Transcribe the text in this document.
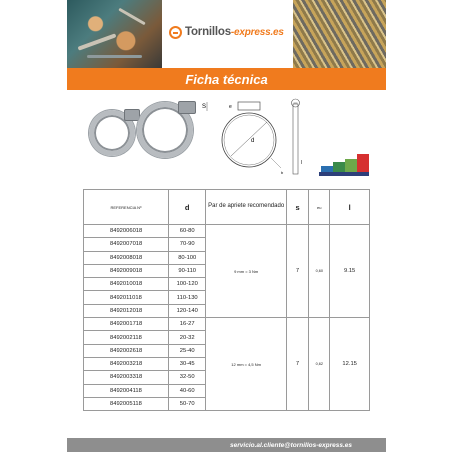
Tornillos-express.es
Ficha técnica
S	e
d
b
l
REFERENCIA Nº	d	Par de apriete recomendado	s	eu	l
8492006018	60-80	9 mm = 3 Nm	7	0,60	9.15
8492007018	70-90				
8492008018	80-100				
8492009018	90-110				
8492010018	100-120				
8492011018	110-130				
8492012018	120-140				
8492001718	16-27	12 mm = 4,5 Nm	7	0,62	12.15
8492002118	20-32				
8492002618	25-40				
8492003218	30-45				
8492003318	32-50				
8492004118	40-60				
8492005118	50-70				
servicio.al.cliente@tornillos-express.es
